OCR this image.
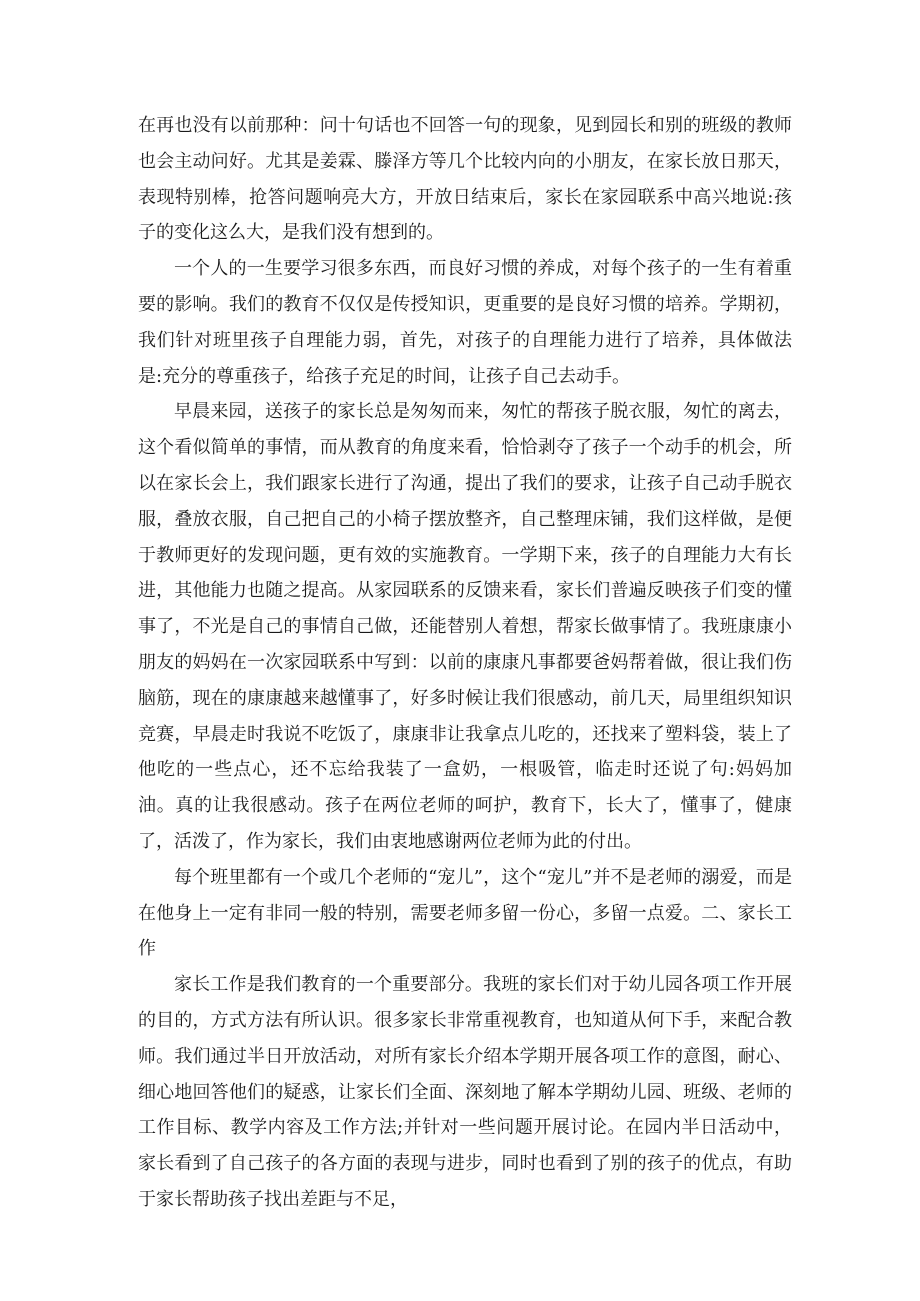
在再也没有以前那种：问十句话也不回答一句的现象，见到园长和别的班级的教师也会主动问好。尤其是姜霖、滕泽方等几个比较内向的小朋友，在家长放日那天，表现特别棒，抢答问题响亮大方，开放日结束后，家长在家园联系中高兴地说:孩子的变化这么大，是我们没有想到的。

一个人的一生要学习很多东西，而良好习惯的养成，对每个孩子的一生有着重要的影响。我们的教育不仅仅是传授知识，更重要的是良好习惯的培养。学期初，我们针对班里孩子自理能力弱，首先，对孩子的自理能力进行了培养，具体做法是:充分的尊重孩子，给孩子充足的时间，让孩子自己去动手。

早晨来园，送孩子的家长总是匆匆而来，匆忙的帮孩子脱衣服，匆忙的离去，这个看似简单的事情，而从教育的角度来看，恰恰剥夺了孩子一个动手的机会，所以在家长会上，我们跟家长进行了沟通，提出了我们的要求，让孩子自己动手脱衣服，叠放衣服，自己把自己的小椅子摆放整齐，自己整理床铺，我们这样做，是便于教师更好的发现问题，更有效的实施教育。一学期下来，孩子的自理能力大有长进，其他能力也随之提高。从家园联系的反馈来看，家长们普遍反映孩子们变的懂事了，不光是自己的事情自己做，还能替别人着想，帮家长做事情了。我班康康小朋友的妈妈在一次家园联系中写到：以前的康康凡事都要爸妈帮着做，很让我们伤脑筋，现在的康康越来越懂事了，好多时候让我们很感动，前几天，局里组织知识竞赛，早晨走时我说不吃饭了，康康非让我拿点儿吃的，还找来了塑料袋，装上了他吃的一些点心，还不忘给我装了一盒奶，一根吸管，临走时还说了句:妈妈加油。真的让我很感动。孩子在两位老师的呵护，教育下，长大了，懂事了，健康了，活泼了，作为家长，我们由衷地感谢两位老师为此的付出。

每个班里都有一个或几个老师的“宠儿”，这个“宠儿”并不是老师的溺爱，而是在他身上一定有非同一般的特别，需要老师多留一份心，多留一点爱。二、家长工作

家长工作是我们教育的一个重要部分。我班的家长们对于幼儿园各项工作开展的目的，方式方法有所认识。很多家长非常重视教育，也知道从何下手，来配合教师。我们通过半日开放活动，对所有家长介绍本学期开展各项工作的意图，耐心、细心地回答他们的疑惑，让家长们全面、深刻地了解本学期幼儿园、班级、老师的工作目标、教学内容及工作方法;并针对一些问题开展讨论。在园内半日活动中，家长看到了自己孩子的各方面的表现与进步，同时也看到了别的孩子的优点，有助于家长帮助孩子找出差距与不足，
